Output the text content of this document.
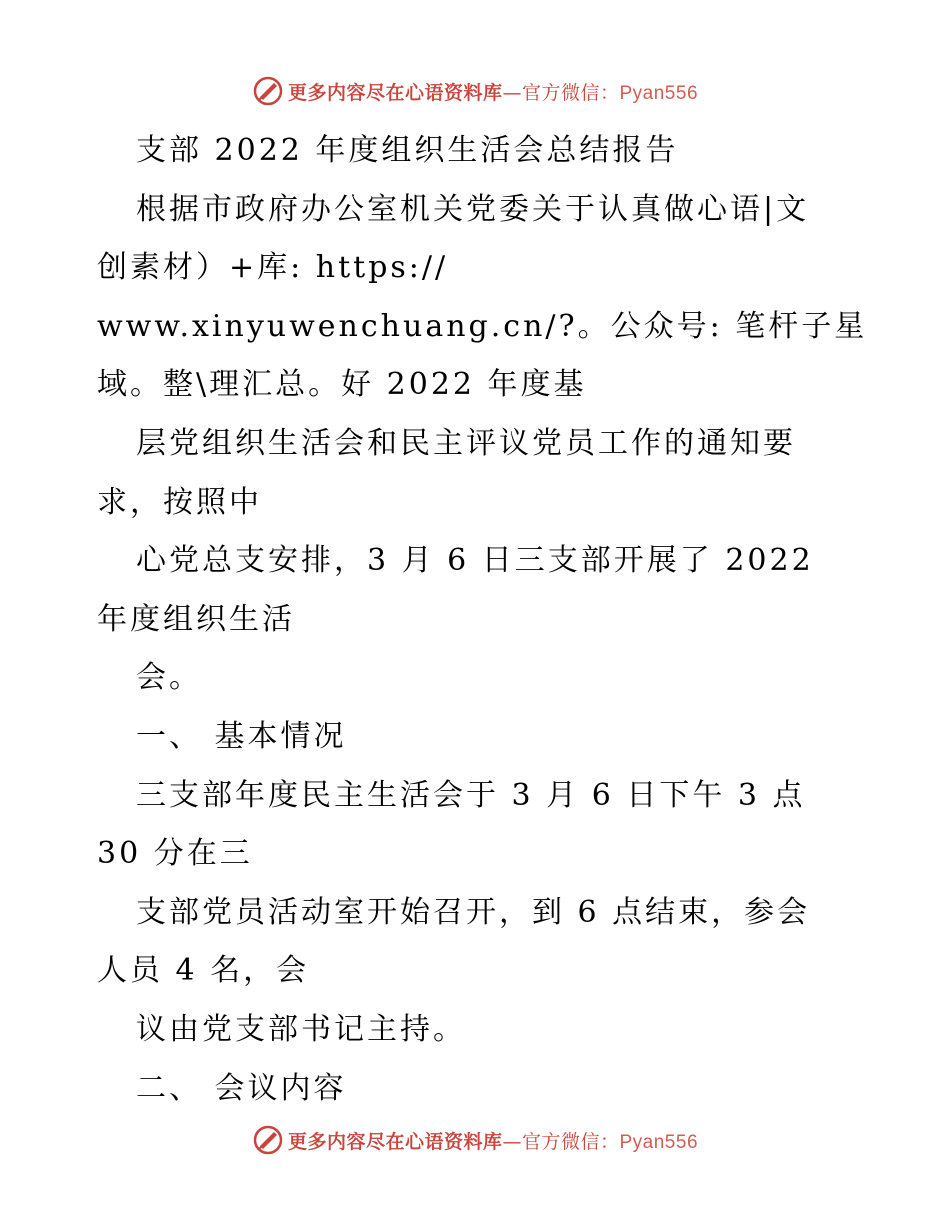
更多内容尽在心语资料库—官方微信：Pyan556
支部 2022 年度组织生活会总结报告
根据市政府办公室机关党委关于认真做心语|文
创素材）+库: https://
www.xinyuwenchuang.cn/?。公众号: 笔杆子星
域。整\理汇总。好 2022 年度基
层党组织生活会和民主评议党员工作的通知要
求，按照中
心党总支安排，3 月 6 日三支部开展了 2022
年度组织生活
会。
一、 基本情况
三支部年度民主生活会于 3 月 6 日下午 3 点
30 分在三
支部党员活动室开始召开，到 6 点结束，参会
人员 4 名，会
议由党支部书记主持。
二、 会议内容
更多内容尽在心语资料库—官方微信：Pyan556
